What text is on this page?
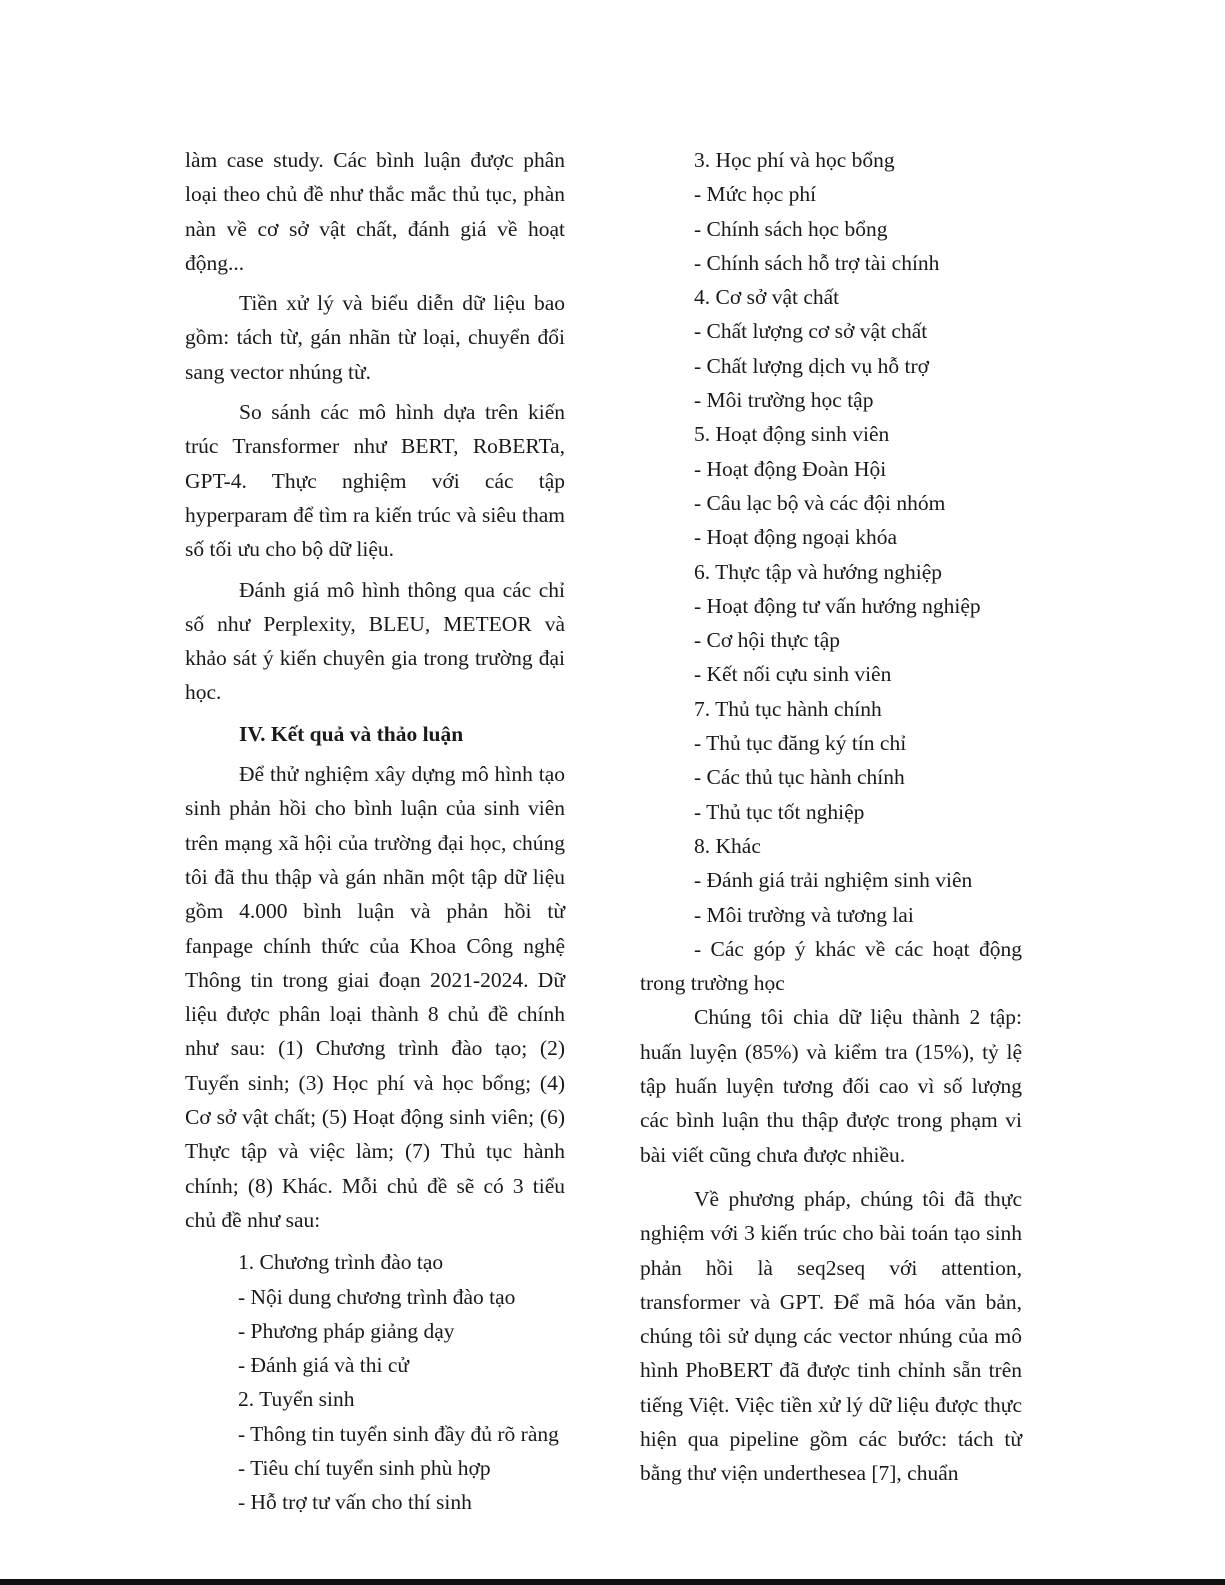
làm case study. Các bình luận được phân loại theo chủ đề như thắc mắc thủ tục, phàn nàn về cơ sở vật chất, đánh giá về hoạt động...

Tiền xử lý và biểu diễn dữ liệu bao gồm: tách từ, gán nhãn từ loại, chuyển đổi sang vector nhúng từ.

So sánh các mô hình dựa trên kiến trúc Transformer như BERT, RoBERTa, GPT-4. Thực nghiệm với các tập hyperparam để tìm ra kiến trúc và siêu tham số tối ưu cho bộ dữ liệu.

Đánh giá mô hình thông qua các chỉ số như Perplexity, BLEU, METEOR và khảo sát ý kiến chuyên gia trong trường đại học.

IV. Kết quả và thảo luận

Để thử nghiệm xây dựng mô hình tạo sinh phản hồi cho bình luận của sinh viên trên mạng xã hội của trường đại học, chúng tôi đã thu thập và gán nhãn một tập dữ liệu gồm 4.000 bình luận và phản hồi từ fanpage chính thức của Khoa Công nghệ Thông tin trong giai đoạn 2021-2024. Dữ liệu được phân loại thành 8 chủ đề chính như sau: (1) Chương trình đào tạo; (2) Tuyển sinh; (3) Học phí và học bổng; (4) Cơ sở vật chất; (5) Hoạt động sinh viên; (6) Thực tập và việc làm; (7) Thủ tục hành chính; (8) Khác. Mỗi chủ đề sẽ có 3 tiểu chủ đề như sau:

1. Chương trình đào tạo
- Nội dung chương trình đào tạo
- Phương pháp giảng dạy
- Đánh giá và thi cử
2. Tuyển sinh
- Thông tin tuyển sinh đầy đủ rõ ràng
- Tiêu chí tuyển sinh phù hợp
- Hỗ trợ tư vấn cho thí sinh
3. Học phí và học bổng
- Mức học phí
- Chính sách học bổng
- Chính sách hỗ trợ tài chính
4. Cơ sở vật chất
- Chất lượng cơ sở vật chất
- Chất lượng dịch vụ hỗ trợ
- Môi trường học tập
5. Hoạt động sinh viên
- Hoạt động Đoàn Hội
- Câu lạc bộ và các đội nhóm
- Hoạt động ngoại khóa
6. Thực tập và hướng nghiệp
- Hoạt động tư vấn hướng nghiệp
- Cơ hội thực tập
- Kết nối cựu sinh viên
7. Thủ tục hành chính
- Thủ tục đăng ký tín chỉ
- Các thủ tục hành chính
- Thủ tục tốt nghiệp
8. Khác
- Đánh giá trải nghiệm sinh viên
- Môi trường và tương lai

- Các góp ý khác về các hoạt động trong trường học

Chúng tôi chia dữ liệu thành 2 tập: huấn luyện (85%) và kiểm tra (15%), tỷ lệ tập huấn luyện tương đối cao vì số lượng các bình luận thu thập được trong phạm vi bài viết cũng chưa được nhiều.

Về phương pháp, chúng tôi đã thực nghiệm với 3 kiến trúc cho bài toán tạo sinh phản hồi là seq2seq với attention, transformer và GPT. Để mã hóa văn bản, chúng tôi sử dụng các vector nhúng của mô hình PhoBERT đã được tinh chỉnh sẵn trên tiếng Việt. Việc tiền xử lý dữ liệu được thực hiện qua pipeline gồm các bước: tách từ bằng thư viện underthesea [7], chuẩn
